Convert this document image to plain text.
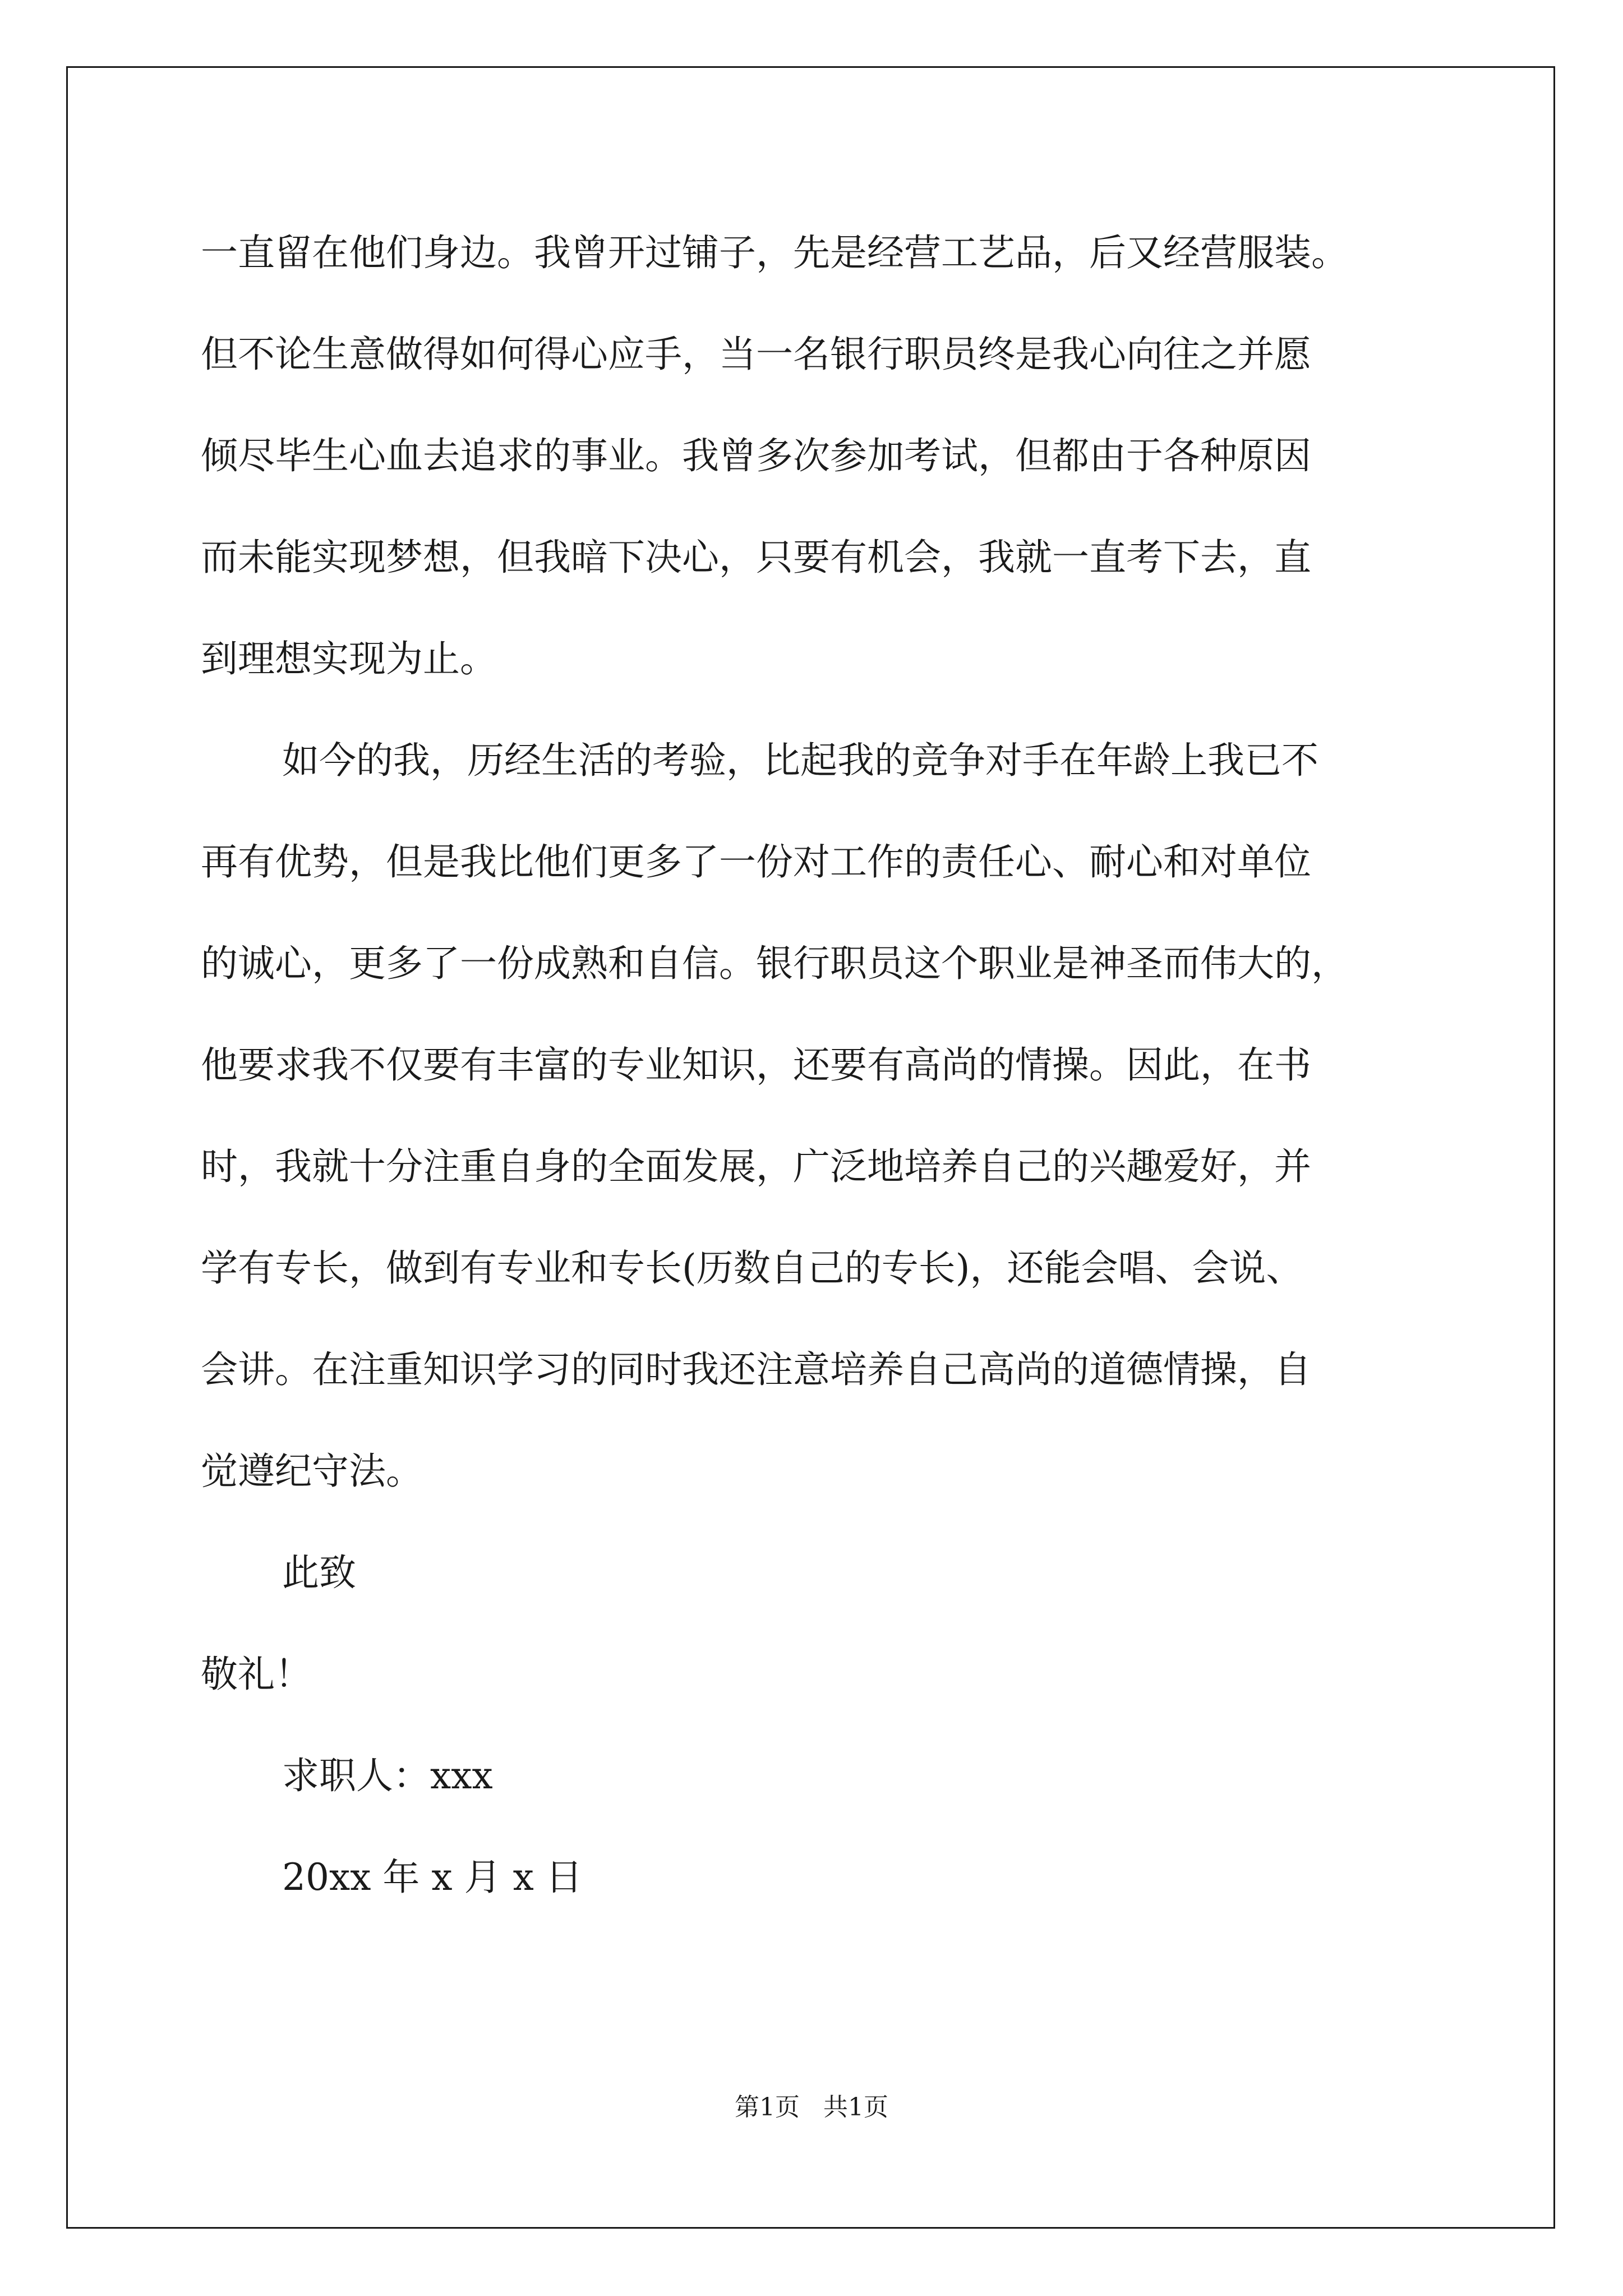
一直留在他们身边。我曾开过铺子，先是经营工艺品，后又经营服装。
但不论生意做得如何得心应手，当一名银行职员终是我心向往之并愿
倾尽毕生心血去追求的事业。我曾多次参加考试，但都由于各种原因
而未能实现梦想，但我暗下决心，只要有机会，我就一直考下去，直
到理想实现为止。
如今的我，历经生活的考验，比起我的竞争对手在年龄上我已不
再有优势，但是我比他们更多了一份对工作的责任心、耐心和对单位
的诚心，更多了一份成熟和自信。银行职员这个职业是神圣而伟大的，
他要求我不仅要有丰富的专业知识，还要有高尚的情操。因此，在书
时，我就十分注重自身的全面发展，广泛地培养自己的兴趣爱好，并
学有专长，做到有专业和专长(历数自己的专长)，还能会唱、会说、
会讲。在注重知识学习的同时我还注意培养自己高尚的道德情操，自
觉遵纪守法。
此致
敬礼！
求职人：xxx
20xx 年 x 月 x 日
第1页 共1页
